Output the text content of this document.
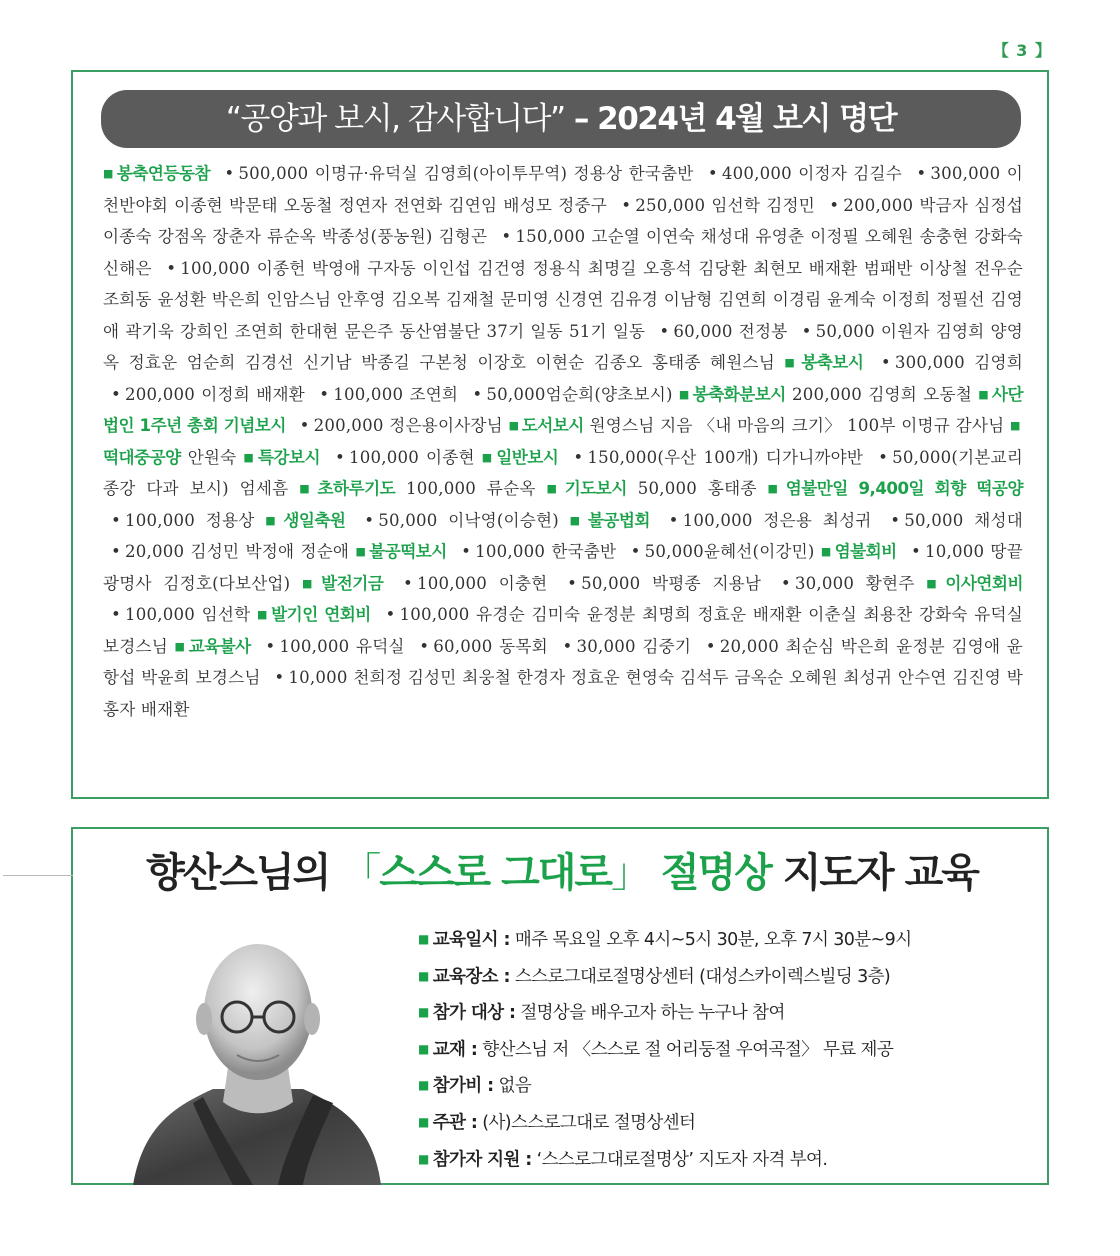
【 3 】
“공양과 보시, 감사합니다” – 2024년 4월 보시 명단
■ 봉축연등동참 • 500,000 이명규·유덕실 김영희(아이투무역) 정용상 한국춤반 • 400,000 이정자 김길수 • 300,000 이천반야회 이종현 박문태 오동철 정연자 전연화 김연임 배성모 정중구 • 250,000 임선학 김정민 • 200,000 박금자 심정섭 이종숙 강점옥 장춘자 류순옥 박종성(풍농원) 김형곤 • 150,000 고순열 이연숙 채성대 유영춘 이정필 오혜원 송충현 강화숙 신해은 • 100,000 이종헌 박영애 구자동 이인섭 김건영 정용식 최명길 오흥석 김당환 최현모 배재환 범패반 이상철 전우순 조희동 윤성환 박은희 인암스님 안후영 김오복 김재철 문미영 신경연 김유경 이남형 김연희 이경림 윤계숙 이정희 정필선 김영애 곽기욱 강희인 조연희 한대현 문은주 동산염불단 37기 일동 51기 일동 • 60,000 전정봉 • 50,000 이원자 김영희 양영옥 정효운 엄순희 김경선 신기남 박종길 구본청 이장호 이현순 김종오 홍태종 혜원스님 ■ 봉축보시 • 300,000 김영희 • 200,000 이정희 배재환 • 100,000 조연희 • 50,000엄순희(양초보시) ■ 봉축화분보시 200,000 김영희 오동철 ■ 사단법인 1주년 총회 기념보시 • 200,000 정은용이사장님 ■ 도서보시 원영스님 지음 〈내 마음의 크기〉 100부 이명규 감사님 ■ 떡대중공양 안원숙 ■ 특강보시 • 100,000 이종현 ■ 일반보시 • 150,000(우산 100개) 디가니까야반 • 50,000(기본교리 종강 다과 보시) 엄세흠 ■ 초하루기도 100,000 류순옥 ■ 기도보시 50,000 홍태종 ■ 염불만일 9,400일 회향 떡공양 • 100,000 정용상 ■ 생일축원 • 50,000 이낙영(이승현) ■ 불공법회 • 100,000 정은용 최성귀 • 50,000 채성대 • 20,000 김성민 박정애 정순애 ■ 불공떡보시 • 100,000 한국춤반 • 50,000윤혜선(이강민) ■ 염불회비 • 10,000 땅끝광명사 김정호(다보산업) ■ 발전기금 • 100,000 이충현 • 50,000 박평종 지용남 • 30,000 황현주 ■ 이사연회비 • 100,000 임선학 ■ 발기인 연회비 • 100,000 유경순 김미숙 윤정분 최명희 정효운 배재환 이춘실 최용찬 강화숙 유덕실 보경스님 ■ 교육불사 • 100,000 유덕실 • 60,000 동목회 • 30,000 김중기 • 20,000 최순심 박은희 윤정분 김영애 윤항섭 박윤희 보경스님 • 10,000 천희정 김성민 최웅철 한경자 정효운 현영숙 김석두 금옥순 오혜원 최성귀 안수연 김진영 박홍자 배재환
향산스님의 「스스로 그대로」 절명상 지도자 교육
■ 교육일시 : 매주 목요일 오후 4시~5시 30분, 오후 7시 30분~9시
■ 교육장소 : 스스로그대로절명상센터 (대성스카이렉스빌딩 3층)
■ 참가 대상 : 절명상을 배우고자 하는 누구나 참여
■ 교재 : 향산스님 저 〈스스로 절 어리둥절 우여곡절〉 무료 제공
■ 참가비 : 없음
■ 주관 : (사)스스로그대로 절명상센터
■ 참가자 지원 : ‘스스로그대로절명상’ 지도자 자격 부여.
